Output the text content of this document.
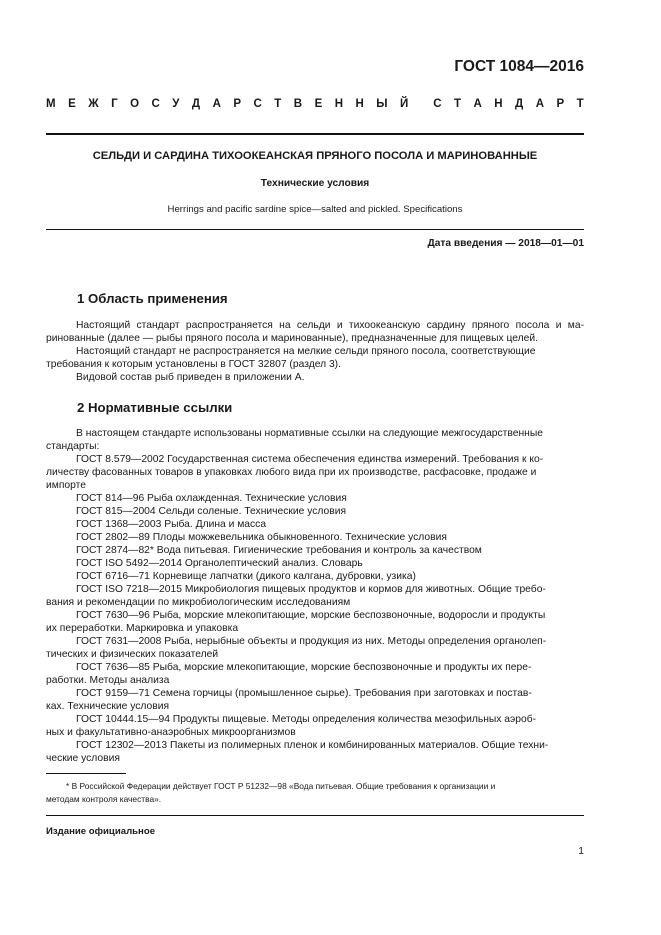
ГОСТ 1084—2016
М Е Ж Г О С У Д А Р С Т В Е Н Н Ы Й С Т А Н Д А Р Т
СЕЛЬДИ И САРДИНА ТИХООКЕАНСКАЯ ПРЯНОГО ПОСОЛА И МАРИНОВАННЫЕ
Технические условия
Herrings and pacific sardine spice—salted and pickled. Specifications
Дата введения — 2018—01—01
1 Область применения
Настоящий стандарт распространяется на сельди и тихоокеанскую сардину пряного посола и ма-
ринованные (далее — рыбы пряного посола и маринованные), предназначенные для пищевых целей.
Настоящий стандарт не распространяется на мелкие сельди пряного посола, соответствующие
требования к которым установлены в ГОСТ 32807 (раздел 3).
Видовой состав рыб приведен в приложении А.
2 Нормативные ссылки
В настоящем стандарте использованы нормативные ссылки на следующие межгосударственные
стандарты:
ГОСТ 8.579—2002 Государственная система обеспечения единства измерений. Требования к ко-
личеству фасованных товаров в упаковках любого вида при их производстве, расфасовке, продаже и
импорте
ГОСТ 814—96 Рыба охлажденная. Технические условия
ГОСТ 815—2004 Сельди соленые. Технические условия
ГОСТ 1368—2003 Рыба. Длина и масса
ГОСТ 2802—89 Плоды можжевельника обыкновенного. Технические условия
ГОСТ 2874—82* Вода питьевая. Гигиенические требования и контроль за качеством
ГОСТ ISO 5492—2014 Органолептический анализ. Словарь
ГОСТ 6716—71 Корневище лапчатки (дикого калгана, дубровки, узика)
ГОСТ ISO 7218—2015 Микробиология пищевых продуктов и кормов для животных. Общие требо-
вания и рекомендации по микробиологическим исследованиям
ГОСТ 7630—96 Рыба, морские млекопитающие, морские беспозвоночные, водоросли и продукты
их переработки. Маркировка и упаковка
ГОСТ 7631—2008 Рыба, нерыбные объекты и продукция из них. Методы определения органолеп-
тических и физических показателей
ГОСТ 7636—85 Рыба, морские млекопитающие, морские беспозвоночные и продукты их пере-
работки. Методы анализа
ГОСТ 9159—71 Семена горчицы (промышленное сырье). Требования при заготовках и постав-
ках. Технические условия
ГОСТ 10444.15—94 Продукты пищевые. Методы определения количества мезофильных аэроб-
ных и факультативно-анаэробных микроорганизмов
ГОСТ 12302—2013 Пакеты из полимерных пленок и комбинированных материалов. Общие техни-
ческие условия
* В Российской Федерации действует ГОСТ Р 51232—98 «Вода питьевая. Общие требования к организации и
методам контроля качества».
Издание официальное
1
